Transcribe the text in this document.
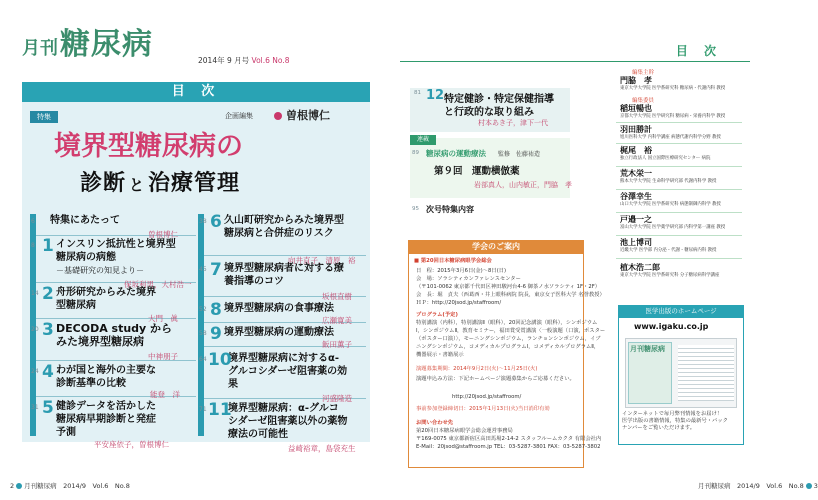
月刊糖尿病	2014年 9 月号 Vol.6 No.8
目 次
特集	企画編集	曽根博仁
境界型糖尿病の
診断 と 治療管理
6	特集にあたって
曽根博仁
8 1 インスリン抵抗性と境界型糖尿病の病態
－基礎研究の知見より－
保坂利男，大村浩一
14 2 舟形研究からみた境界型糖尿病
大門　眞
20 3 DECODA study からみた境界型糖尿病
中神朋子
24 4 わが国と海外の主要な診断基準の比較
能登　洋
31 5 健診データを活かした糖尿病早期診断と発症予測
平安座依子，曽根博仁
38 6 久山町研究からみた境界型糖尿病と合併症のリスク
向井直子，清原　裕
45 7 境界型糖尿病者に対する療養指導のコツ
坂根直樹
52 8 境界型糖尿病の食事療法
広瀬寛美
58 9 境界型糖尿病の運動療法
飯田薫子
64 10
境界型糖尿病に対するα-グルコシダーゼ阻害薬の効果
河盛隆造
71 11
境界型糖尿病：α-グルコシダーゼ阻害薬以外の薬物療法の可能性
益崎裕章，島袋充生
2 月刊糖尿病　2014/9　Vol.6　No.8
目 次
81 12 特定健診・特定保健指導
と行政的な取り組み
村本あき子，津下一代
連載
89 糖尿病の運動療法 監修　佐藤祐造
第９回　運動横倣薬
岩部真人，山内敏正，門脇　孝
95 次号特集内容
学会のご案内
■ 第20回日本糖尿病眼学会総会
日　程：2015年3月6日(金)～8日(日)
会　場：ソラシティカンファレンスセンター
（〒101-0062 東京都千代田区神田駿河台4-6 御茶ノ水ソラシティ 1F・2F）
会　長：堀　貞夫（西葛西・井上眼科病院 院長，東京女子医科大学 名誉教授）
ＨＰ：http://20jsod.jp/staffroom/
プログラム(予定)
特別講演（内科），特別講演Ⅱ（眼科），20回記念講演（眼科），シンポジウム
Ⅰ，シンポジウムⅡ，教育セミナー，福田賞受賞講演〈一般演題（口演，ポスター
（ポスター口演）〉，モーニングシンポジウム，ランチョンシンポジウム，イブ
ニングシンポジウム，コメディカルプログラムⅠ，コメディカルプログラムⅡ，
機器展示・書籍展示
演題募集期間：2014年9月2日(火)～11月25日(火)
演題申込み方法：下記ホームページ演題募集からご応募ください。
http://20jsod.jp/staffroom/
事前参加登録締切日：2015年1月13日(火)当日消印有効
お問い合わせ先
第20回日本糖尿病眼学会総会運営事務局
〒169-0075 東京都新宿区高田馬場2-14-2 スタッフルームカクタ 有限会社内
E-Mail：20jsod@staffroom.jp TEL：03-5287-3801 FAX：03-5287-3802
編集主幹
門脇　孝
東京大学大学院 医学系研究科 糖尿病・代謝内科 教授
編集委員
稲垣暢也
京都大学大学院 医学研究科 糖尿病・栄養内科学 教授
羽田勝計
旭川医科大学 内科学講座 病態代謝内科学分野 教授
梶尾　裕
独立行政法人 国立国際医療研究センター 病院
荒木栄一
熊本大学大学院 生命科学研究部 代謝内科学 教授
谷澤幸生
山口大学大学院 医学系研究科 病態制御内科学 教授
戸邉一之
富山大学大学院 医学薬学研究部 内科学第一講座 教授
池上博司
近畿大学 医学部 内分泌・代謝・糖尿病内科 教授
植木浩二郎
東京大学大学院 医学系研究科 分子糖尿病科学講座
医学出版のホームページ
www.igaku.co.jp
月刊糖尿病
インターネットで毎月弊刊情報をお届け！
医学出版の書籍情報，特集の最新号・バック
ナンバーをご覧いただけます。
月刊糖尿病　2014/9　Vol.6　No.8 3
